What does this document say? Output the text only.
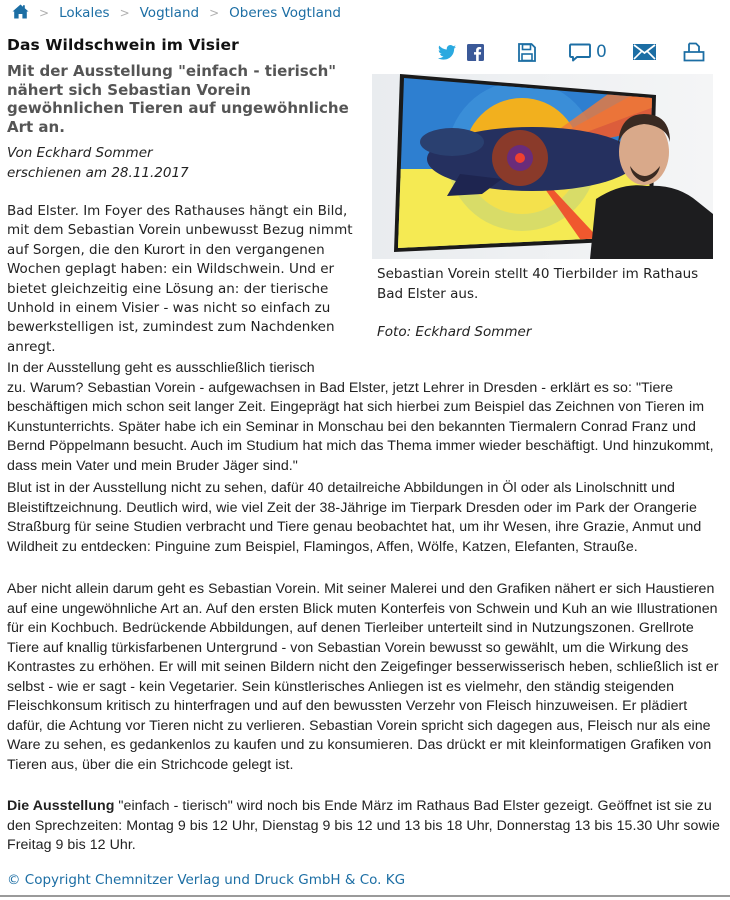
> Lokales > Vogtland > Oberes Vogtland
Das Wildschwein im Visier

Mit der Ausstellung "einfach - tierisch" nähert sich Sebastian Vorein gewöhnlichen Tieren auf ungewöhnliche Art an.

Von Eckhard Sommer
erschienen am 28.11.2017
0
Sebastian Vorein stellt 40 Tierbilder im Rathaus Bad Elster aus.
Foto: Eckhard Sommer

Bad Elster. Im Foyer des Rathauses hängt ein Bild, mit dem Sebastian Vorein unbewusst Bezug nimmt auf Sorgen, die den Kurort in den vergangenen Wochen geplagt haben: ein Wildschwein. Und er bietet gleichzeitig eine Lösung an: der tierische Unhold in einem Visier - was nicht so einfach zu bewerkstelligen ist, zumindest zum Nachdenken anregt.

In der Ausstellung geht es ausschließlich tierisch
zu. Warum? Sebastian Vorein - aufgewachsen in Bad Elster, jetzt Lehrer in Dresden - erklärt es so: "Tiere beschäftigen mich schon seit langer Zeit. Eingeprägt hat sich hierbei zum Beispiel das Zeichnen von Tieren im Kunstunterrichts. Später habe ich ein Seminar in Monschau bei den bekannten Tiermalern Conrad Franz und Bernd Pöppelmann besucht. Auch im Studium hat mich das Thema immer wieder beschäftigt. Und hinzukommt, dass mein Vater und mein Bruder Jäger sind."

Blut ist in der Ausstellung nicht zu sehen, dafür 40 detailreiche Abbildungen in Öl oder als Linolschnitt und Bleistiftzeichnung. Deutlich wird, wie viel Zeit der 38-Jährige im Tierpark Dresden oder im Park der Orangerie Straßburg für seine Studien verbracht und Tiere genau beobachtet hat, um ihr Wesen, ihre Grazie, Anmut und Wildheit zu entdecken: Pinguine zum Beispiel, Flamingos, Affen, Wölfe, Katzen, Elefanten, Strauße.

Aber nicht allein darum geht es Sebastian Vorein. Mit seiner Malerei und den Grafiken nähert er sich Haustieren auf eine ungewöhnliche Art an. Auf den ersten Blick muten Konterfeis von Schwein und Kuh an wie Illustrationen für ein Kochbuch. Bedrückende Abbildungen, auf denen Tierleiber unterteilt sind in Nutzungszonen. Grellrote Tiere auf knallig türkisfarbenen Untergrund - von Sebastian Vorein bewusst so gewählt, um die Wirkung des Kontrastes zu erhöhen. Er will mit seinen Bildern nicht den Zeigefinger besserwisserisch heben, schließlich ist er selbst - wie er sagt - kein Vegetarier. Sein künstlerisches Anliegen ist es vielmehr, den ständig steigenden Fleischkonsum kritisch zu hinterfragen und auf den bewussten Verzehr von Fleisch hinzuweisen. Er plädiert dafür, die Achtung vor Tieren nicht zu verlieren. Sebastian Vorein spricht sich dagegen aus, Fleisch nur als eine Ware zu sehen, es gedankenlos zu kaufen und zu konsumieren. Das drückt er mit kleinformatigen Grafiken von Tieren aus, über die ein Strichcode gelegt ist.

Die Ausstellung "einfach - tierisch" wird noch bis Ende März im Rathaus Bad Elster gezeigt. Geöffnet ist sie zu den Sprechzeiten: Montag 9 bis 12 Uhr, Dienstag 9 bis 12 und 13 bis 18 Uhr, Donnerstag 13 bis 15.30 Uhr sowie Freitag 9 bis 12 Uhr.

© Copyright Chemnitzer Verlag und Druck GmbH & Co. KG
